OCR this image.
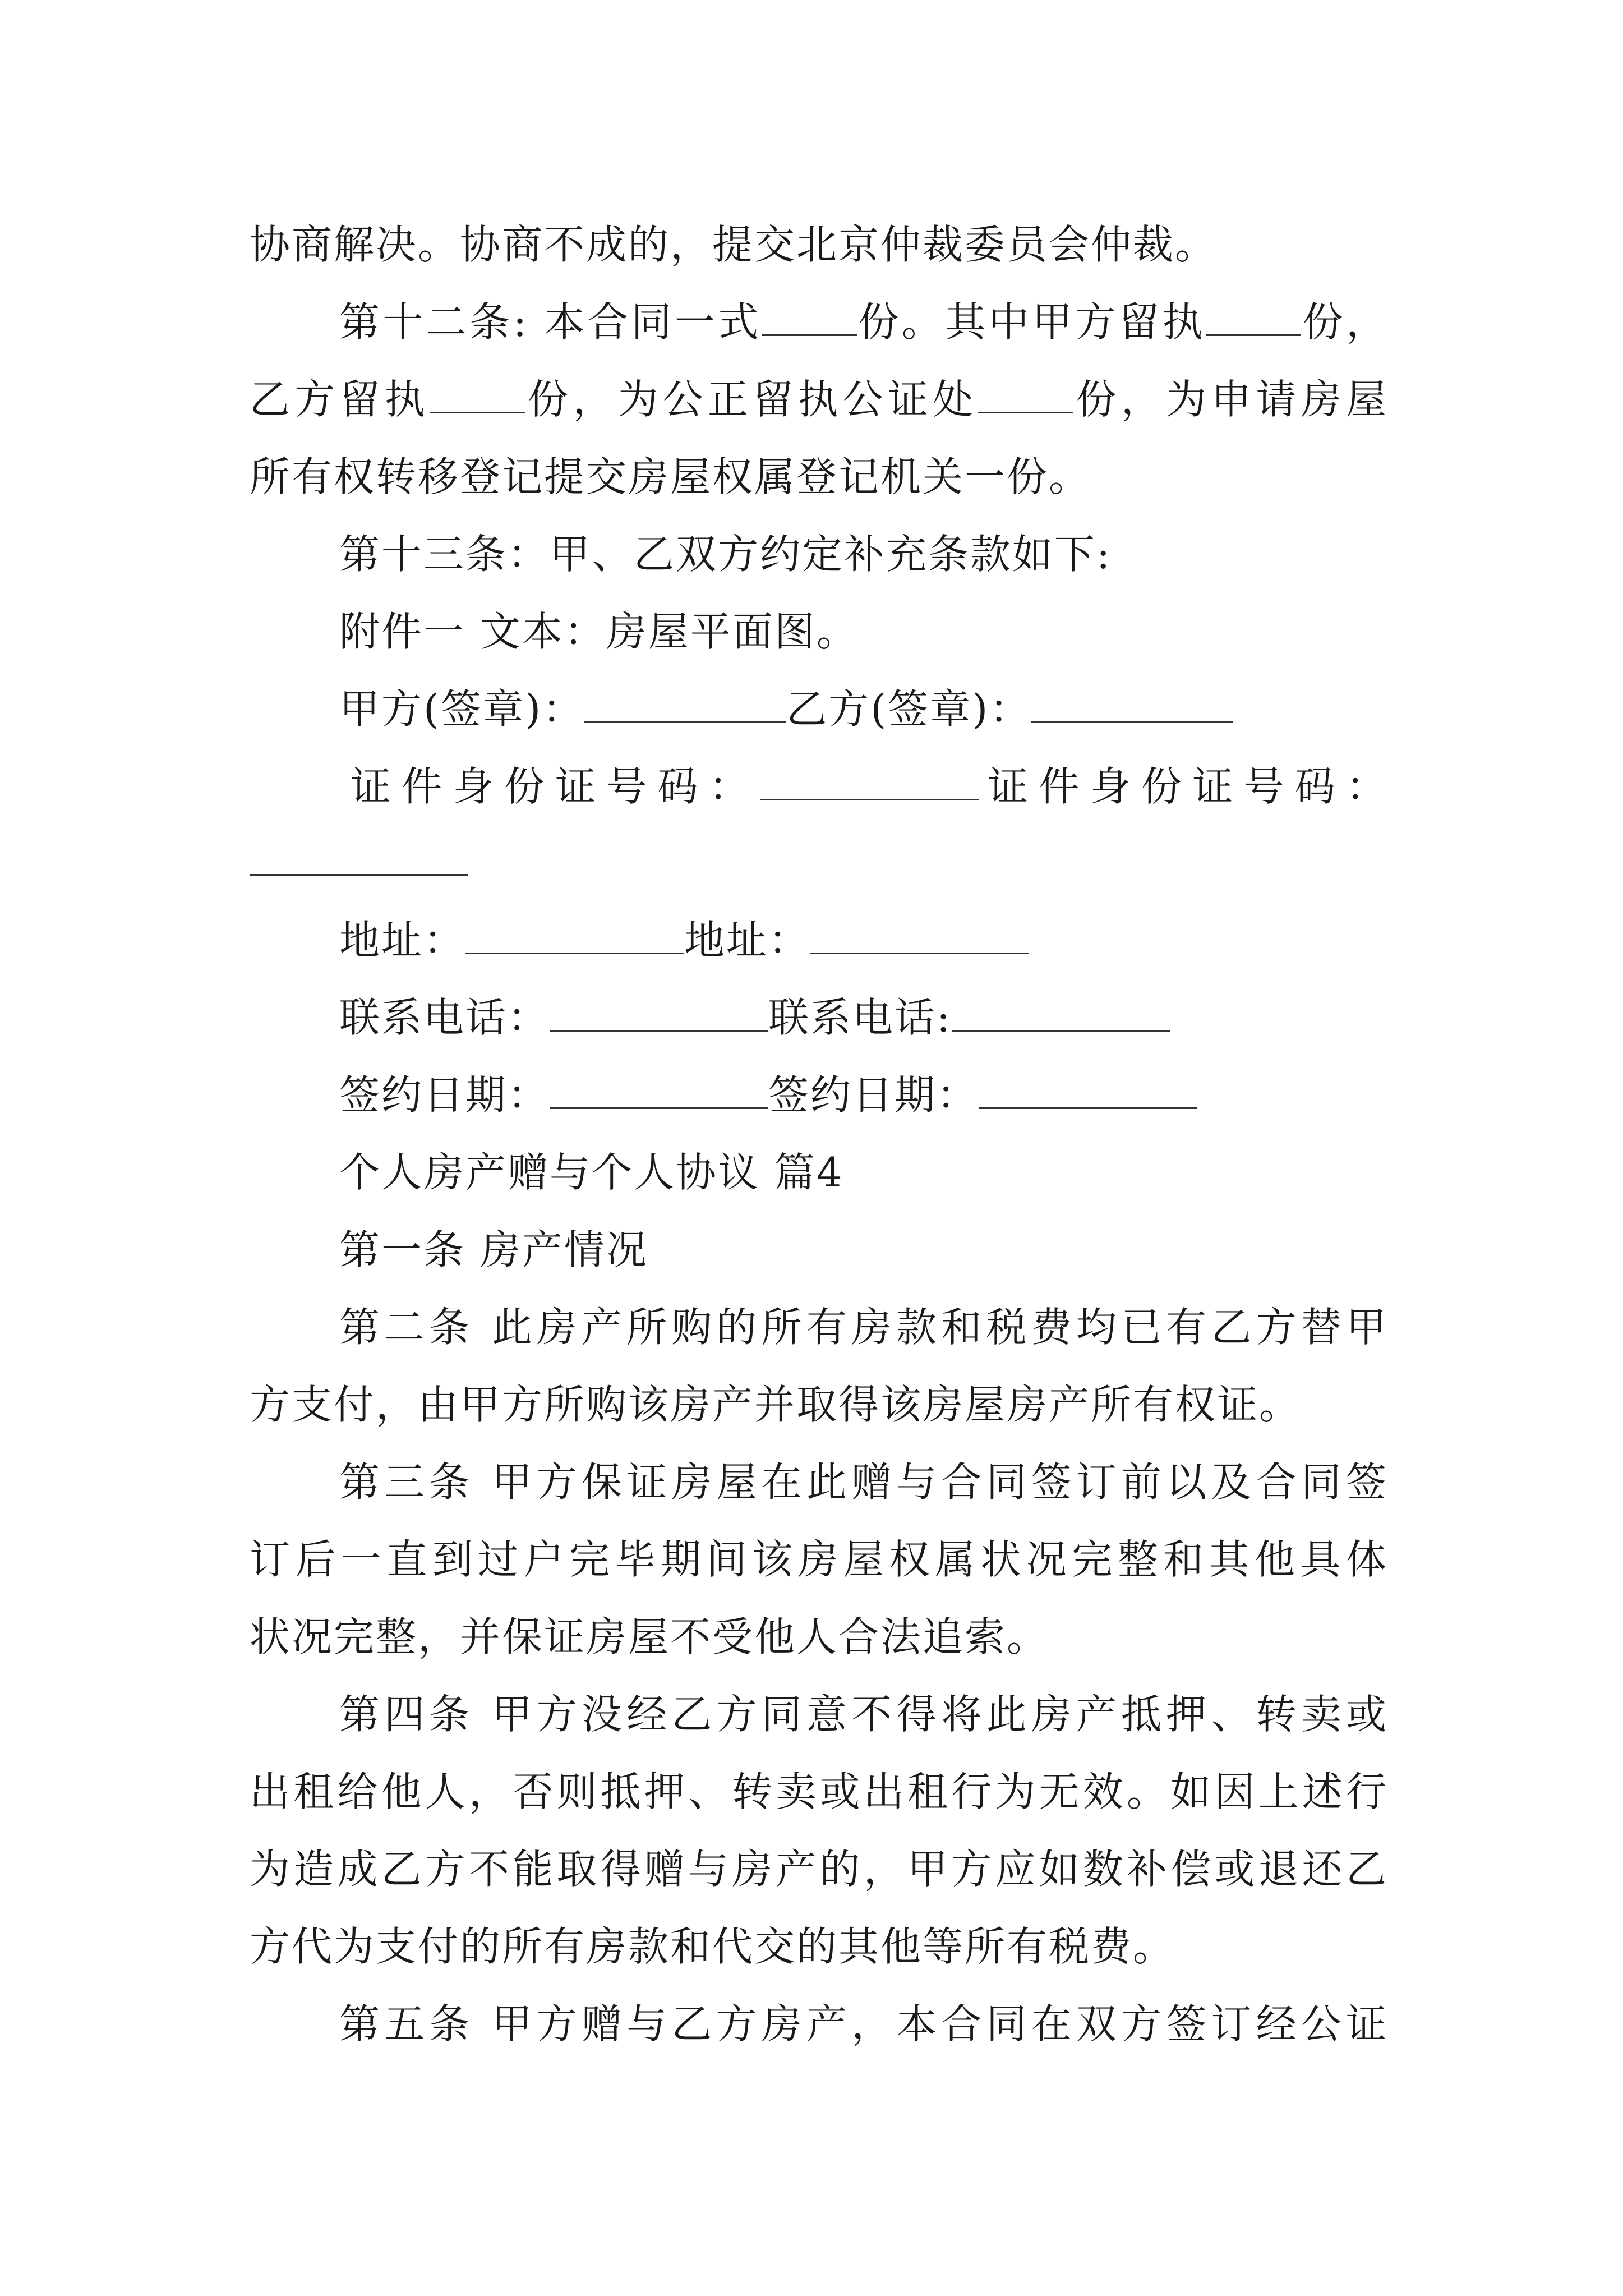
协商解决。协商不成的，提交北京仲裁委员会仲裁。
第十二条: 本合同一式 份。其中甲方留执 份，
乙方留执 份，为公正留执公证处 份，为申请房屋
所有权转移登记提交房屋权属登记机关一份。
第十三条：甲、乙双方约定补充条款如下:
附件一 文本：房屋平面图。
甲方(签章)：	乙方(签章)：
证件身份证号码：	证件身份证号码：
地址：	地址：
联系电话：	联系电话:
签约日期：	签约日期：
个人房产赠与个人协议 篇4
第一条 房产情况
第二条 此房产所购的所有房款和税费均已有乙方替甲
方支付，由甲方所购该房产并取得该房屋房产所有权证。
第三条 甲方保证房屋在此赠与合同签订前以及合同签
订后一直到过户完毕期间该房屋权属状况完整和其他具体
状况完整，并保证房屋不受他人合法追索。
第四条 甲方没经乙方同意不得将此房产抵押、转卖或
出租给他人，否则抵押、转卖或出租行为无效。如因上述行
为造成乙方不能取得赠与房产的，甲方应如数补偿或退还乙
方代为支付的所有房款和代交的其他等所有税费。
第五条 甲方赠与乙方房产，本合同在双方签订经公证
